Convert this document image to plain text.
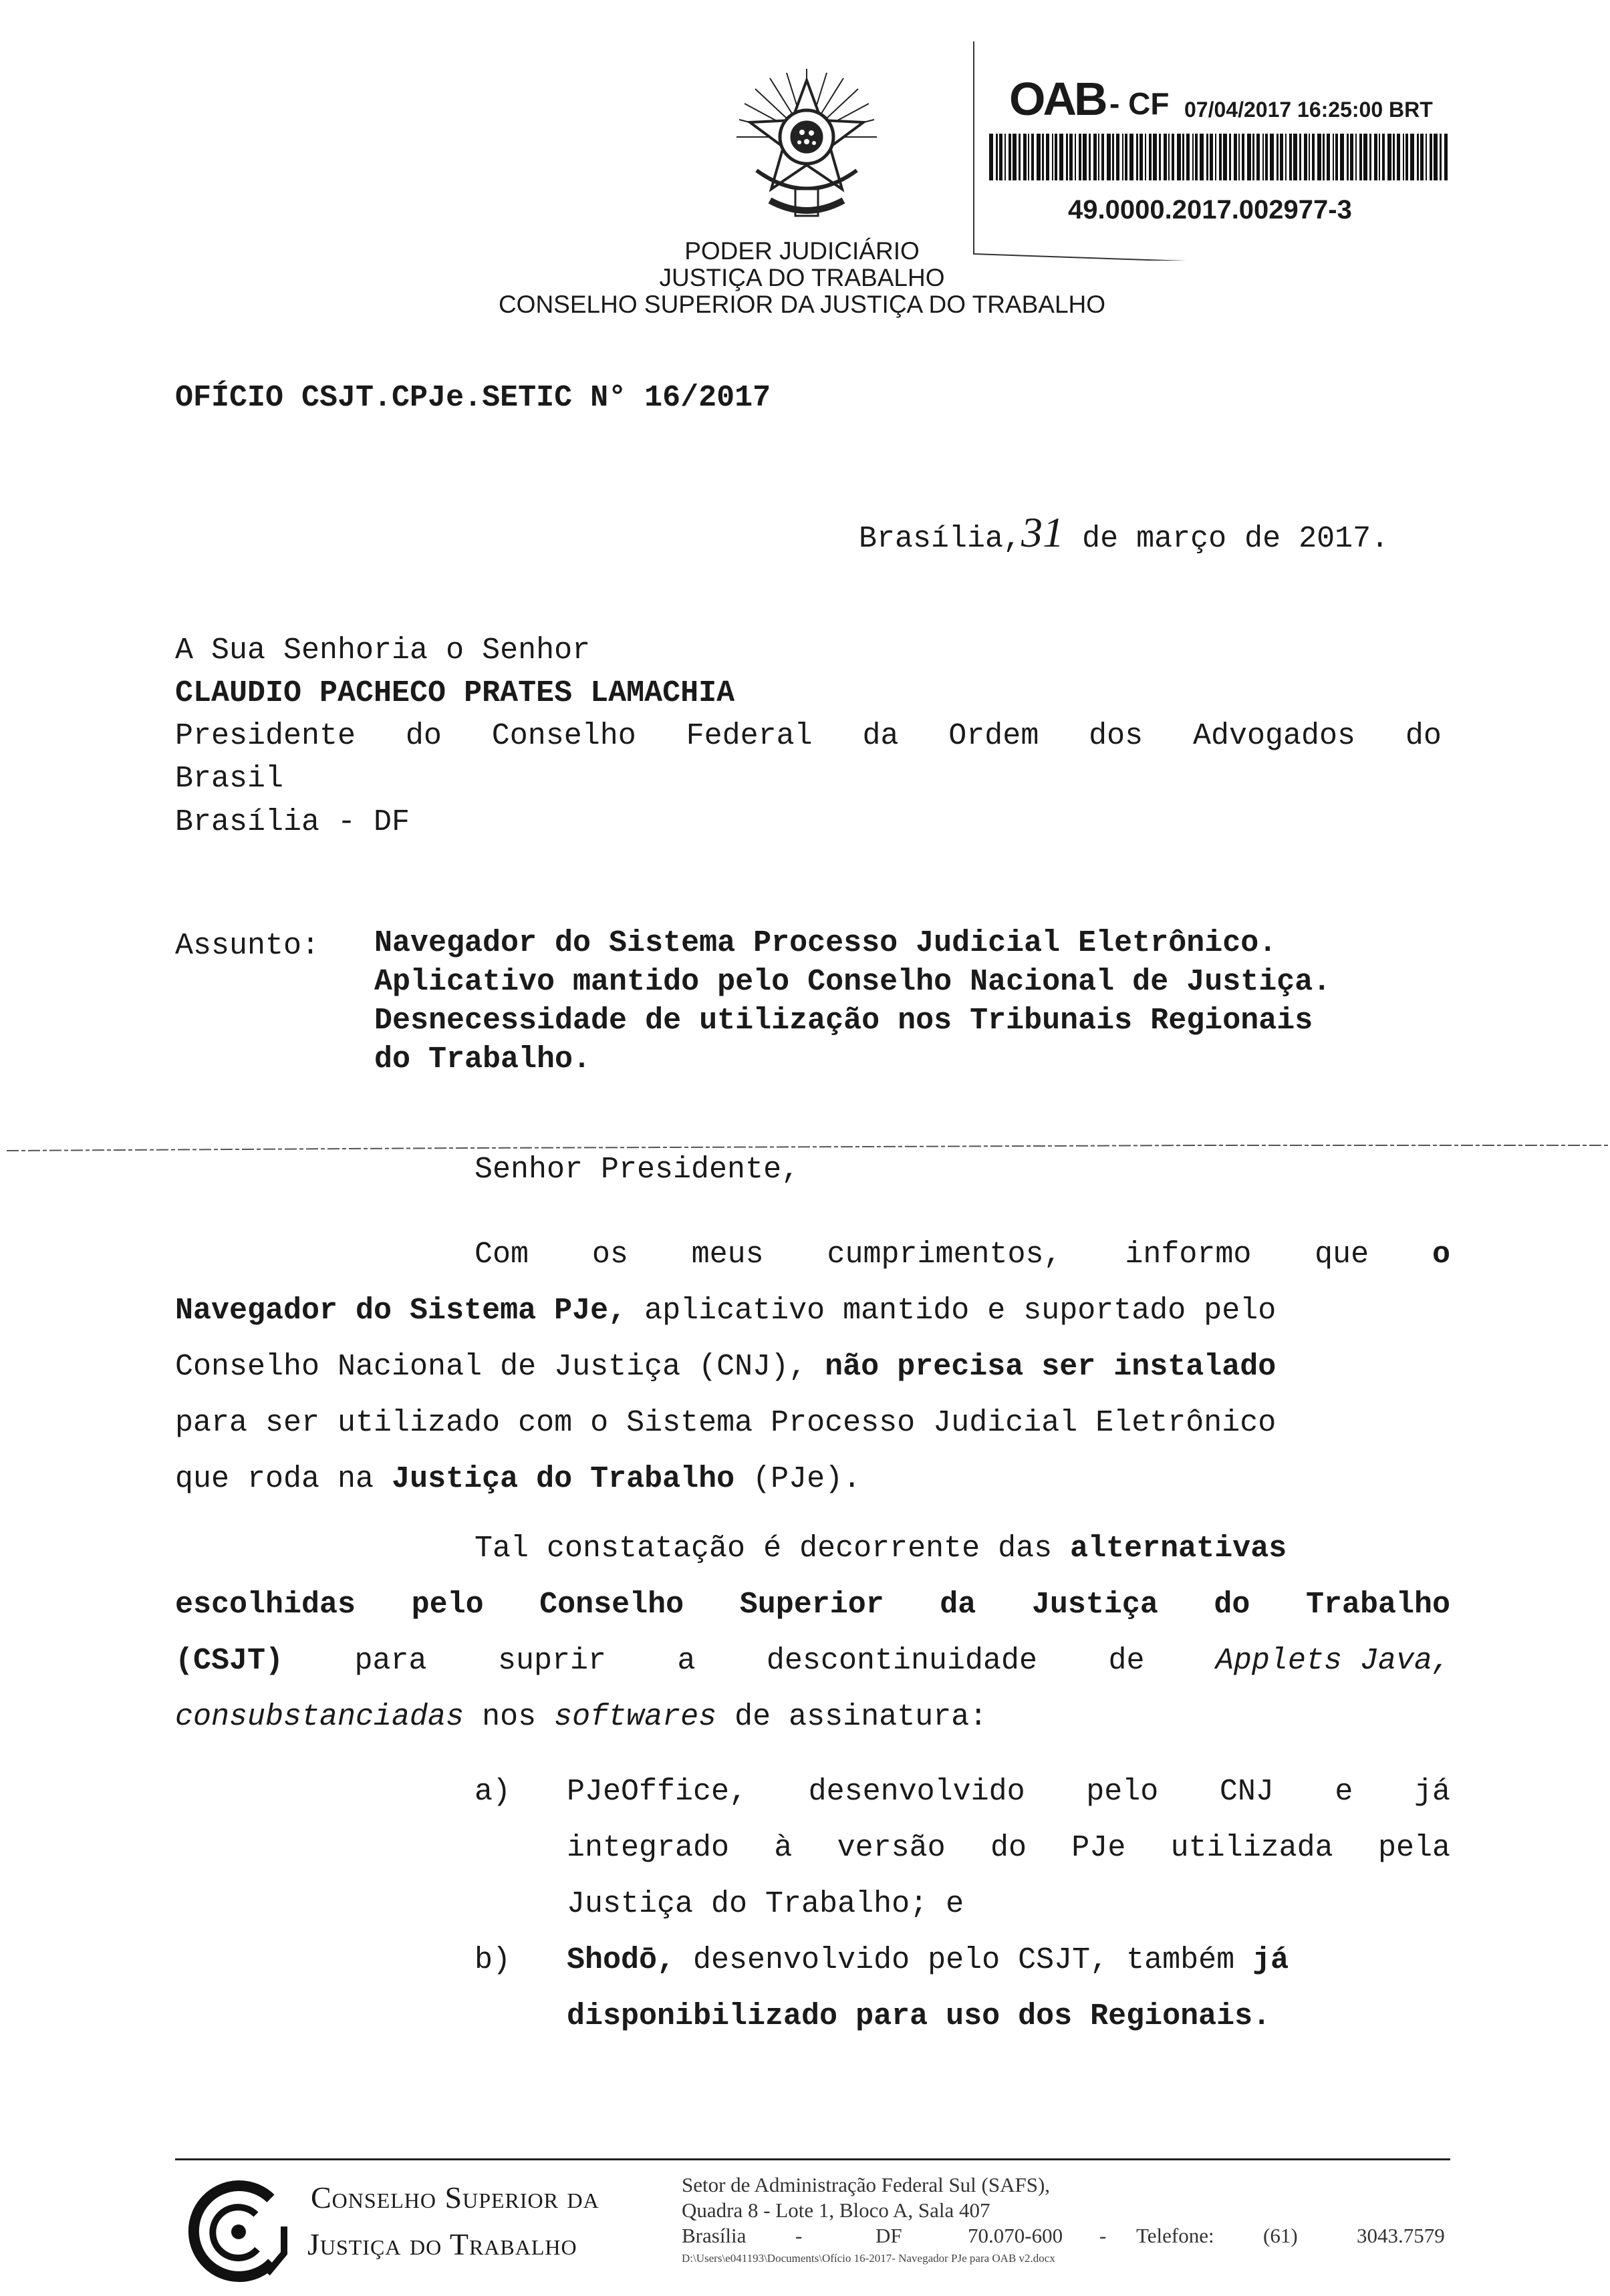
PODER JUDICIÁRIO
JUSTIÇA DO TRABALHO
CONSELHO SUPERIOR DA JUSTIÇA DO TRABALHO
OAB - CF 07/04/2017 16:25:00 BRT
49.0000.2017.002977-3
OFÍCIO CSJT.CPJe.SETIC N° 16/2017
Brasília,31 de março de 2017.
A Sua Senhoria o Senhor
CLAUDIO PACHECO PRATES LAMACHIA
Presidente do Conselho Federal da Ordem dos Advogados do
Brasil
Brasília - DF
Assunto: Navegador do Sistema Processo Judicial Eletrônico.
Aplicativo mantido pelo Conselho Nacional de Justiça.
Desnecessidade de utilização nos Tribunais Regionais
do Trabalho.
Senhor Presidente,
Com os meus cumprimentos, informo que o
Navegador do Sistema PJe, aplicativo mantido e suportado pelo
Conselho Nacional de Justiça (CNJ), não precisa ser instalado
para ser utilizado com o Sistema Processo Judicial Eletrônico
que roda na Justiça do Trabalho (PJe).
Tal constatação é decorrente das alternativas
escolhidas pelo Conselho Superior da Justiça do Trabalho
(CSJT) para suprir a descontinuidade de Applets Java,
consubstanciadas nos softwares de assinatura:
a) PJeOffice, desenvolvido pelo CNJ e já
integrado à versão do PJe utilizada pela
Justiça do Trabalho; e
b) Shodō, desenvolvido pelo CSJT, também já
disponibilizado para uso dos Regionais.
Conselho Superior da
Justiça do Trabalho
Setor de Administração Federal Sul (SAFS),
Quadra 8 - Lote 1, Bloco A, Sala 407
Brasília -	DF	70.070-600 - Telefone: (61)	3043.7579
D:\Users\e041193\Documents\Ofício 16-2017- Navegador PJe para OAB v2.docx
